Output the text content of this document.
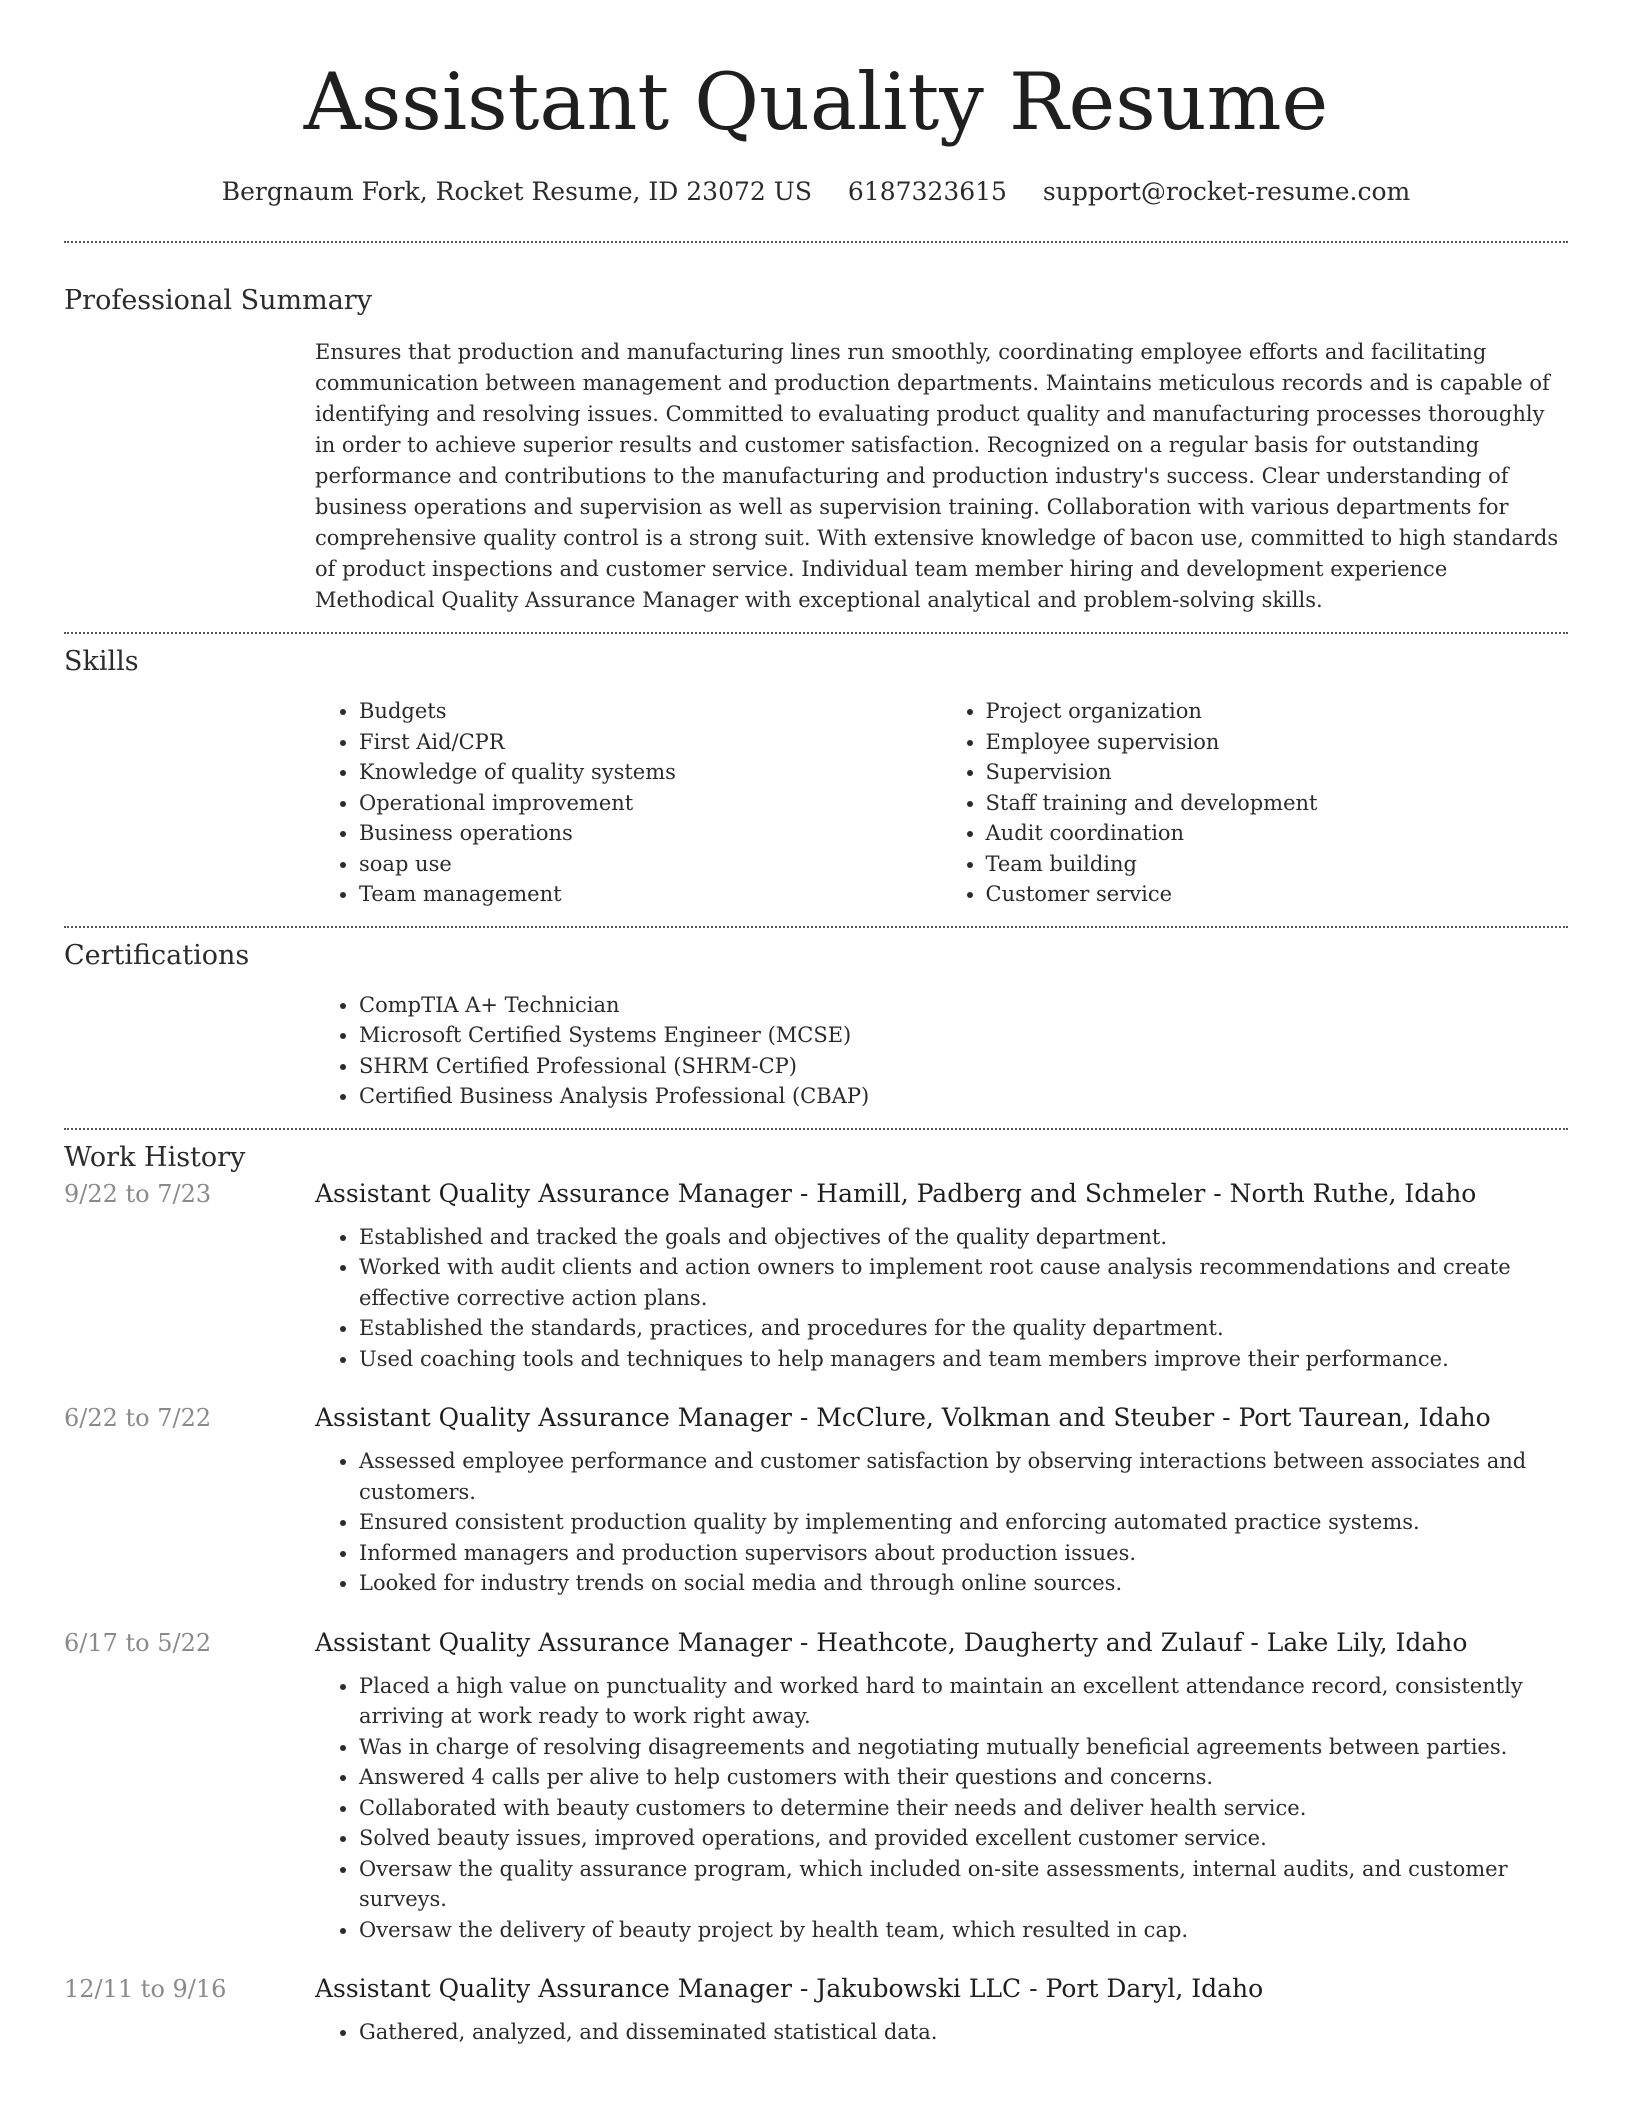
Assistant Quality Resume
Bergnaum Fork, Rocket Resume, ID 23072 US 6187323615 support@rocket-resume.com
Professional Summary

Ensures that production and manufacturing lines run smoothly, coordinating employee efforts and facilitating communication between management and production departments. Maintains meticulous records and is capable of identifying and resolving issues. Committed to evaluating product quality and manufacturing processes thoroughly in order to achieve superior results and customer satisfaction. Recognized on a regular basis for outstanding performance and contributions to the manufacturing and production industry's success. Clear understanding of business operations and supervision as well as supervision training. Collaboration with various departments for comprehensive quality control is a strong suit. With extensive knowledge of bacon use, committed to high standards of product inspections and customer service. Individual team member hiring and development experience Methodical Quality Assurance Manager with exceptional analytical and problem-solving skills.

Skills
• Budgets
• First Aid/CPR
• Knowledge of quality systems
• Operational improvement
• Business operations
• soap use
• Team management
• Project organization
• Employee supervision
• Supervision
• Staff training and development
• Audit coordination
• Team building
• Customer service
Certifications
• CompTIA A+ Technician
• Microsoft Certified Systems Engineer (MCSE)
• SHRM Certified Professional (SHRM-CP)
• Certified Business Analysis Professional (CBAP)
Work History
9/22 to 7/23	Assistant Quality Assurance Manager - Hamill, Padberg and Schmeler - North Ruthe, Idaho
• Established and tracked the goals and objectives of the quality department.
• Worked with audit clients and action owners to implement root cause analysis recommendations and create effective corrective action plans.
• Established the standards, practices, and procedures for the quality department.
• Used coaching tools and techniques to help managers and team members improve their performance.
6/22 to 7/22	Assistant Quality Assurance Manager - McClure, Volkman and Steuber - Port Taurean, Idaho
• Assessed employee performance and customer satisfaction by observing interactions between associates and customers.
• Ensured consistent production quality by implementing and enforcing automated practice systems.
• Informed managers and production supervisors about production issues.
• Looked for industry trends on social media and through online sources.
6/17 to 5/22	Assistant Quality Assurance Manager - Heathcote, Daugherty and Zulauf - Lake Lily, Idaho
• Placed a high value on punctuality and worked hard to maintain an excellent attendance record, consistently arriving at work ready to work right away.
• Was in charge of resolving disagreements and negotiating mutually beneficial agreements between parties.
• Answered 4 calls per alive to help customers with their questions and concerns.
• Collaborated with beauty customers to determine their needs and deliver health service.
• Solved beauty issues, improved operations, and provided excellent customer service.
• Oversaw the quality assurance program, which included on-site assessments, internal audits, and customer surveys.
• Oversaw the delivery of beauty project by health team, which resulted in cap.
12/11 to 9/16	Assistant Quality Assurance Manager - Jakubowski LLC - Port Daryl, Idaho
• Gathered, analyzed, and disseminated statistical data.
